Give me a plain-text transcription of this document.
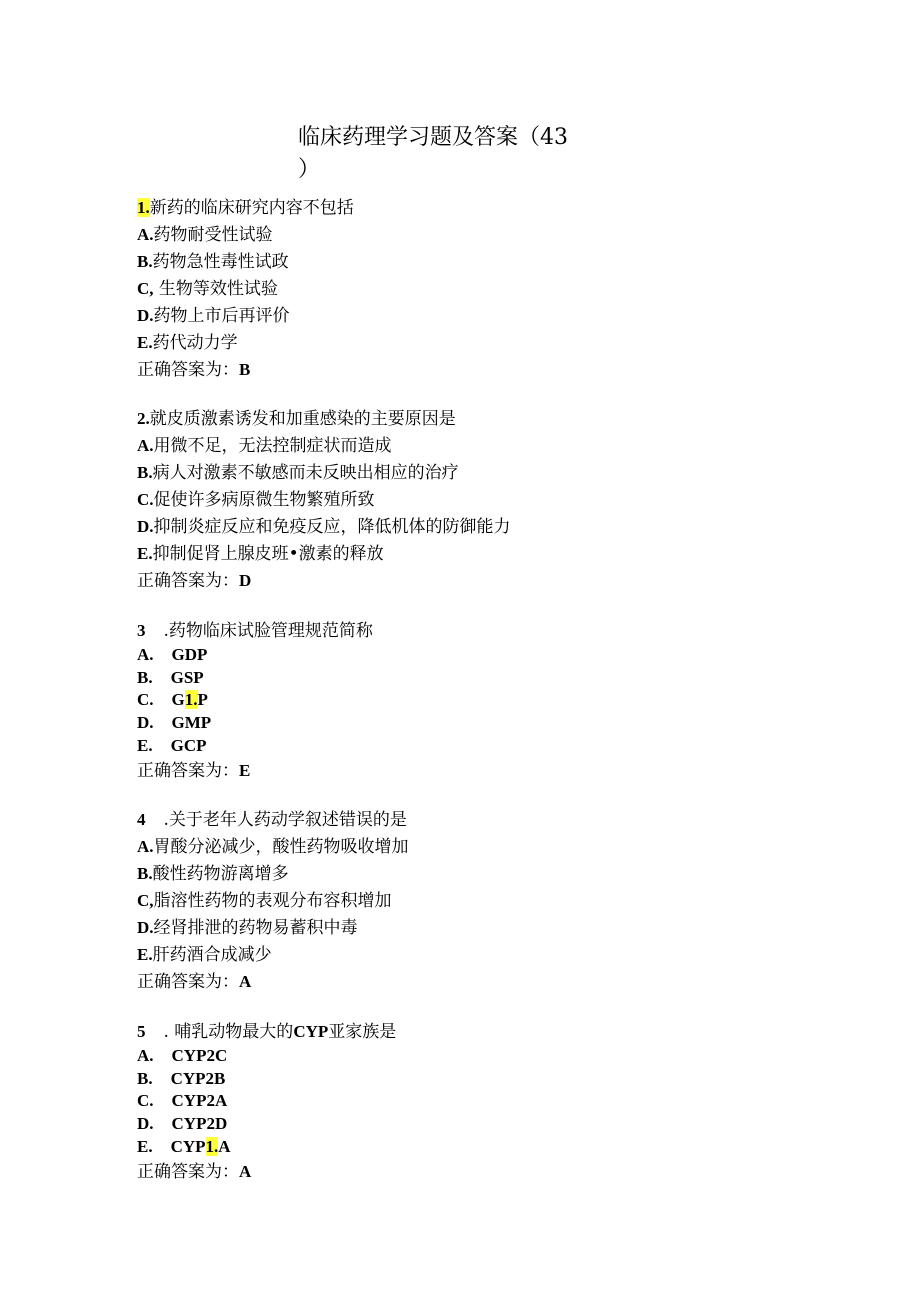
临床药理学习题及答案（43
）
1.新药的临床研究内容不包括
A.药物耐受性试验
B.药物急性毒性试政
C, 生物等效性试验
D.药物上市后再评价
E.药代动力学
正确答案为：B
2.就皮质激素诱发和加重感染的主要原因是
A.用微不足，无法控制症状而造成
B.病人对激素不敏感而未反映出相应的治疗
C.促使许多病原微生物繁殖所致
D.抑制炎症反应和免疫反应，降低机体的防御能力
E.抑制促肾上腺皮班•激素的释放
正确答案为：D
3 .药物临床试脸管理规范简称
A. GDP
B. GSP
C. G1.P
D. GMP
E. GCP
正确答案为：E
4 .关于老年人药动学叙述错误的是
A.胃酸分泌减少，酸性药物吸收增加
B.酸性药物游离增多
C,脂溶性药物的表观分布容积增加
D.经肾排泄的药物易蓄积中毒
E.肝药酒合成减少
正确答案为：A
5 . 哺乳动物最大的CYP亚家族是
A. CYP2C
B. CYP2B
C. CYP2A
D. CYP2D
E. CYP1.A
正确答案为：A
